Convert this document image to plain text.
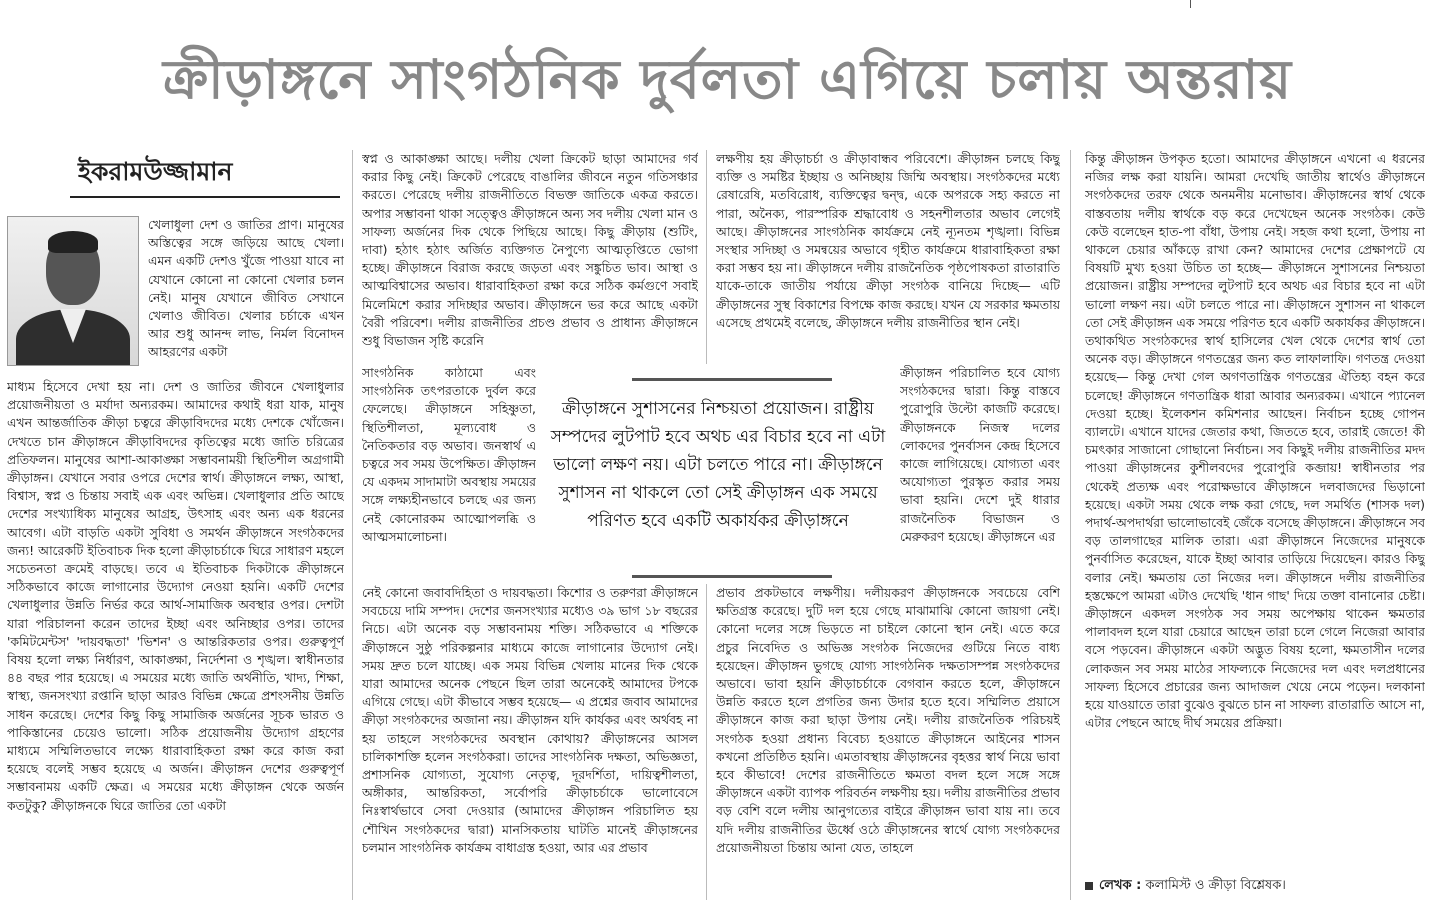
ক্রীড়াঙ্গনে সাংগঠনিক দুর্বলতা এগিয়ে চলায় অন্তরায়
ইকরামউজ্জামান

খেলাধুলা দেশ ও জাতির প্রাণ। মানুষের অস্তিত্বের সঙ্গে জড়িয়ে আছে খেলা। এমন একটি দেশও খুঁজে পাওয়া যাবে না যেখানে কোনো না কোনো খেলার চলন নেই। মানুষ যেখানে জীবিত সেখানে খেলাও জীবিত। খেলার চর্চাকে এখন আর শুধু আনন্দ লাভ, নির্মল বিনোদন আহরণের একটা

মাধ্যম হিসেবে দেখা হয় না। দেশ ও জাতির জীবনে খেলাধুলার প্রয়োজনীয়তা ও মর্যাদা অন্যরকম। আমাদের কথাই ধরা যাক, মানুষ এখন আন্তর্জাতিক ক্রীড়া চত্বরে ক্রীড়াবিদদের মধ্যে দেশকে খোঁজেন। দেখতে চান ক্রীড়াঙ্গনে ক্রীড়াবিদদের কৃতিত্বের মধ্যে জাতি চরিত্রের প্রতিফলন। মানুষের আশা-আকাঙ্ক্ষা সম্ভাবনাময়ী স্থিতিশীল অগ্রগামী ক্রীড়াঙ্গন। যেখানে সবার ওপরে দেশের স্বার্থ। ক্রীড়াঙ্গনে লক্ষ্য, আস্থা, বিশ্বাস, স্বপ্ন ও চিন্তায় সবাই এক এবং অভিন্ন। খেলাধুলার প্রতি আছে দেশের সংখ্যাধিক্য মানুষের আগ্রহ, উৎসাহ এবং অন্য এক ধরনের আবেগ। এটা বাড়তি একটা সুবিধা ও সমর্থন ক্রীড়াঙ্গনে সংগঠকদের জন্য! আরেকটি ইতিবাচক দিক হলো ক্রীড়াচর্চাকে ঘিরে সাধারণ মহলে সচেতনতা ক্রমেই বাড়ছে। তবে এ ইতিবাচক দিকটাকে ক্রীড়াঙ্গনে সঠিকভাবে কাজে লাগানোর উদ্যোগ নেওয়া হয়নি। একটি দেশের খেলাধুলার উন্নতি নির্ভর করে আর্থ-সামাজিক অবস্থার ওপর। দেশটা যারা পরিচালনা করেন তাদের ইচ্ছা এবং অনিচ্ছার ওপর। তাদের 'কমিটমেন্টস' 'দায়বদ্ধতা' 'ভিশন' ও আন্তরিকতার ওপর। গুরুত্বপূর্ণ বিষয় হলো লক্ষ্য নির্ধারণ, আকাঙ্ক্ষা, নির্দেশনা ও শৃঙ্খল। স্বাধীনতার ৪৪ বছর পার হয়েছে। এ সময়ের মধ্যে জাতি অর্থনীতি, খাদ্য, শিক্ষা, স্বাস্থ্য, জনসংখ্যা রপ্তানি ছাড়া আরও বিভিন্ন ক্ষেত্রে প্রশংসনীয় উন্নতি সাধন করেছে। দেশের কিছু কিছু সামাজিক অর্জনের সূচক ভারত ও পাকিস্তানের চেয়েও ভালো। সঠিক প্রয়োজনীয় উদ্যোগ গ্রহণের মাধ্যমে সম্মিলিতভাবে লক্ষ্যে ধারাবাহিকতা রক্ষা করে কাজ করা হয়েছে বলেই সম্ভব হয়েছে এ অর্জন। ক্রীড়াঙ্গন দেশের গুরুত্বপূর্ণ সম্ভাবনাময় একটি ক্ষেত্র। এ সময়ের মধ্যে ক্রীড়াঙ্গন থেকে অর্জন কতটুকু? ক্রীড়াঙ্গনকে ঘিরে জাতির তো একটা

স্বপ্ন ও আকাঙ্ক্ষা আছে। দলীয় খেলা ক্রিকেট ছাড়া আমাদের গর্ব করার কিছু নেই। ক্রিকেট পেরেছে বাঙালির জীবনে নতুন গতিসঞ্চার করতে। পেরেছে দলীয় রাজনীতিতে বিভক্ত জাতিকে একত্র করতে। অপার সম্ভাবনা থাকা সত্ত্বেও ক্রীড়াঙ্গনে অন্য সব দলীয় খেলা মান ও সাফল্য অর্জনের দিক থেকে পিছিয়ে আছে। কিছু ক্রীড়ায় (শুটিং, দাবা) হঠাৎ হঠাৎ অর্জিত ব্যক্তিগত নৈপুণ্যে আত্মতৃপ্তিতে ভোগা হচ্ছে। ক্রীড়াঙ্গনে বিরাজ করছে জড়তা এবং সঙ্কুচিত ভাব। আস্থা ও আত্মবিশ্বাসের অভাব। ধারাবাহিকতা রক্ষা করে সঠিক কর্মগুণে সবাই মিলেমিশে করার সদিচ্ছার অভাব। ক্রীড়াঙ্গনে ভর করে আছে একটা বৈরী পরিবেশ। দলীয় রাজনীতির প্রচণ্ড প্রভাব ও প্রাধান্য ক্রীড়াঙ্গনে শুধু বিভাজন সৃষ্টি করেনি

সাংগঠনিক কাঠামো এবং সাংগঠনিক তৎপরতাকে দুর্বল করে ফেলেছে। ক্রীড়াঙ্গনে সহিষ্ণুতা, স্থিতিশীলতা, মূল্যবোধ ও নৈতিকতার বড় অভাব। জনস্বার্থ এ চত্বরে সব সময় উপেক্ষিত। ক্রীড়াঙ্গন যে একদম সাদামাটা অবস্থায় সময়ের সঙ্গে লক্ষ্যহীনভাবে চলছে এর জন্য নেই কোনোরকম আত্মোপলব্ধি ও আত্মসমালোচনা।

নেই কোনো জবাবদিহিতা ও দায়বদ্ধতা। কিশোর ও তরুণরা ক্রীড়াঙ্গনে সবচেয়ে দামি সম্পদ। দেশের জনসংখ্যার মধ্যেও ৩৯ ভাগ ১৮ বছরের নিচে। এটা অনেক বড় সম্ভাবনাময় শক্তি। সঠিকভাবে এ শক্তিকে ক্রীড়াঙ্গনে সুষ্ঠু পরিকল্পনার মাধ্যমে কাজে লাগানোর উদ্যোগ নেই। সময় দ্রুত চলে যাচ্ছে। এক সময় বিভিন্ন খেলায় মানের দিক থেকে যারা আমাদের অনেক পেছনে ছিল তারা অনেকেই আমাদের টপকে এগিয়ে গেছে। এটা কীভাবে সম্ভব হয়েছে— এ প্রশ্নের জবাব আমাদের ক্রীড়া সংগঠকদের অজানা নয়। ক্রীড়াঙ্গন যদি কার্যকর এবং অর্থবহ না হয় তাহলে সংগঠকদের অবস্থান কোথায়? ক্রীড়াঙ্গনের আসল চালিকাশক্তি হলেন সংগঠকরা। তাদের সাংগঠনিক দক্ষতা, অভিজ্ঞতা, প্রশাসনিক যোগ্যতা, সুযোগ্য নেতৃত্ব, দূরদর্শিতা, দায়িত্বশীলতা, অঙ্গীকার, আন্তরিকতা, সর্বোপরি ক্রীড়াচর্চাকে ভালোবেসে নিঃস্বার্থভাবে সেবা দেওয়ার (আমাদের ক্রীড়াঙ্গন পরিচালিত হয় শৌখিন সংগঠকদের দ্বারা) মানসিকতায় ঘাটতি মানেই ক্রীড়াঙ্গনের চলমান সাংগঠনিক কার্যক্রম বাধাগ্রস্ত হওয়া, আর এর প্রভাব

লক্ষণীয় হয় ক্রীড়াচর্চা ও ক্রীড়াবান্ধব পরিবেশে। ক্রীড়াঙ্গন চলছে কিছু ব্যক্তি ও সমষ্টির ইচ্ছায় ও অনিচ্ছায় জিম্মি অবস্থায়। সংগঠকদের মধ্যে রেষারেষি, মতবিরোধ, ব্যক্তিত্বের দ্বন্দ্ব, একে অপরকে সহ্য করতে না পারা, অনৈক্য, পারস্পরিক শ্রদ্ধাবোধ ও সহনশীলতার অভাব লেগেই আছে। ক্রীড়াঙ্গনের সাংগঠনিক কার্যক্রমে নেই ন্যূনতম শৃঙ্খলা। বিভিন্ন সংস্থার সদিচ্ছা ও সমন্বয়ের অভাবে গৃহীত কার্যক্রমে ধারাবাহিকতা রক্ষা করা সম্ভব হয় না। ক্রীড়াঙ্গনে দলীয় রাজনৈতিক পৃষ্ঠপোষকতা রাতারাতি যাকে-তাকে জাতীয় পর্যায়ে ক্রীড়া সংগঠক বানিয়ে দিচ্ছে— এটি ক্রীড়াঙ্গনের সুস্থ বিকাশের বিপক্ষে কাজ করছে। যখন যে সরকার ক্ষমতায় এসেছে প্রথমেই বলেছে, ক্রীড়াঙ্গনে দলীয় রাজনীতির স্থান নেই।

ক্রীড়াঙ্গন পরিচালিত হবে যোগ্য সংগঠকদের দ্বারা। কিন্তু বাস্তবে পুরোপুরি উল্টো কাজটি করেছে। ক্রীড়াঙ্গনকে নিজস্ব দলের লোকদের পুনর্বাসন কেন্দ্র হিসেবে কাজে লাগিয়েছে। যোগ্যতা এবং অযোগ্যতা পুরস্কৃত করার সময় ভাবা হয়নি। দেশে দুই ধারার রাজনৈতিক বিভাজন ও মেরুকরণ হয়েছে। ক্রীড়াঙ্গনে এর

প্রভাব প্রকটভাবে লক্ষণীয়। দলীয়করণ ক্রীড়াঙ্গনকে সবচেয়ে বেশি ক্ষতিগ্রস্ত করেছে। দুটি দল হয়ে গেছে মাঝামাঝি কোনো জায়গা নেই। কোনো দলের সঙ্গে ভিড়তে না চাইলে কোনো স্থান নেই। এতে করে প্রচুর নিবেদিত ও অভিজ্ঞ সংগঠক নিজেদের গুটিয়ে নিতে বাধ্য হয়েছেন। ক্রীড়াঙ্গন ভুগছে যোগ্য সাংগঠনিক দক্ষতাসম্পন্ন সংগঠকদের অভাবে। ভাবা হয়নি ক্রীড়াচর্চাকে বেগবান করতে হলে, ক্রীড়াঙ্গনে উন্নতি করতে হলে প্রগতির জন্য উদার হতে হবে। সম্মিলিত প্রয়াসে ক্রীড়াঙ্গনে কাজ করা ছাড়া উপায় নেই। দলীয় রাজনৈতিক পরিচয়ই সংগঠক হওয়া প্রধান্য বিবেচ্য হওয়াতে ক্রীড়াঙ্গনে আইনের শাসন কখনো প্রতিষ্ঠিত হয়নি। এমতাবস্থায় ক্রীড়াঙ্গনের বৃহত্তর স্বার্থ নিয়ে ভাবা হবে কীভাবে! দেশের রাজনীতিতে ক্ষমতা বদল হলে সঙ্গে সঙ্গে ক্রীড়াঙ্গনে একটা ব্যাপক পরিবর্তন লক্ষণীয় হয়। দলীয় রাজনীতির প্রভাব বড় বেশি বলে দলীয় আনুগত্যের বাইরে ক্রীড়াঙ্গন ভাবা যায় না। তবে যদি দলীয় রাজনীতির ঊর্ধ্বে ওঠে ক্রীড়াঙ্গনের স্বার্থে যোগ্য সংগঠকদের প্রয়োজনীয়তা চিন্তায় আনা যেত, তাহলে

কিন্তু ক্রীড়াঙ্গন উপকৃত হতো। আমাদের ক্রীড়াঙ্গনে এখনো এ ধরনের নজির লক্ষ করা যায়নি। আমরা দেখেছি জাতীয় স্বার্থেও ক্রীড়াঙ্গনে সংগঠকদের তরফ থেকে অনমনীয় মনোভাব। ক্রীড়াঙ্গনের স্বার্থ থেকে বাস্তবতায় দলীয় স্বার্থকে বড় করে দেখেছেন অনেক সংগঠক। কেউ কেউ বলেছেন হাত-পা বাঁধা, উপায় নেই। সহজ কথা হলো, উপায় না থাকলে চেয়ার আঁকড়ে রাখা কেন? আমাদের দেশের প্রেক্ষাপটে যে বিষয়টি মুখ্য হওয়া উচিত তা হচ্ছে— ক্রীড়াঙ্গনে সুশাসনের নিশ্চয়তা প্রয়োজন। রাষ্ট্রীয় সম্পদের লুটপাট হবে অথচ এর বিচার হবে না এটা ভালো লক্ষণ নয়। এটা চলতে পারে না। ক্রীড়াঙ্গনে সুশাসন না থাকলে তো সেই ক্রীড়াঙ্গন এক সময়ে পরিণত হবে একটি অকার্যকর ক্রীড়াঙ্গনে। তথাকথিত সংগঠকদের স্বার্থ হাসিলের খেল থেকে দেশের স্বার্থ তো অনেক বড়। ক্রীড়াঙ্গনে গণতন্ত্রের জন্য কত লাফালাফি। গণতন্ত্র দেওয়া হয়েছে— কিন্তু দেখা গেল অগণতান্ত্রিক গণতন্ত্রের ঐতিহ্য বহন করে চলেছে! ক্রীড়াঙ্গনে গণতান্ত্রিক ধারা আবার অন্যরকম। এখানে প্যানেল দেওয়া হচ্ছে। ইলেকশন কমিশনার আছেন। নির্বাচন হচ্ছে গোপন ব্যালটে। এখানে যাদের জেতার কথা, জিততে হবে, তারাই জেতে! কী চমৎকার সাজানো গোছানো নির্বাচন। সব কিছুই দলীয় রাজনীতির মদদ পাওয়া ক্রীড়াঙ্গনের কুশীলবদের পুরোপুরি কব্জায়! স্বাধীনতার পর থেকেই প্রত্যক্ষ এবং পরোক্ষভাবে ক্রীড়াঙ্গনে দলবাজদের ভিড়ানো হয়েছে। একটা সময় থেকে লক্ষ করা গেছে, দল সমর্থিত (শাসক দল) পদার্থ-অপদার্থরা ভালোভাবেই জেঁকে বসেছে ক্রীড়াঙ্গনে। ক্রীড়াঙ্গনে সব বড় তালগাছের মালিক তারা। এরা ক্রীড়াঙ্গনে নিজেদের মানুষকে পুনর্বাসিত করেছেন, যাকে ইচ্ছা আবার তাড়িয়ে দিয়েছেন। কারও কিছু বলার নেই। ক্ষমতায় তো নিজের দল। ক্রীড়াঙ্গনে দলীয় রাজনীতির হস্তক্ষেপে আমরা এটাও দেখেছি 'ধান গাছ' দিয়ে তক্তা বানানোর চেষ্টা। ক্রীড়াঙ্গনে একদল সংগঠক সব সময় অপেক্ষায় থাকেন ক্ষমতার পালাবদল হলে যারা চেয়ারে আছেন তারা চলে গেলে নিজেরা আবার বসে পড়বেন। ক্রীড়াঙ্গনে একটা অদ্ভুত বিষয় হলো, ক্ষমতাসীন দলের লোকজন সব সময় মাঠের সাফল্যকে নিজেদের দল এবং দলপ্রধানের সাফল্য হিসেবে প্রচারের জন্য আদাজল খেয়ে নেমে পড়েন। দলকানা হয়ে যাওয়াতে তারা বুঝেও বুঝতে চান না সাফল্য রাতারাতি আসে না, এটার পেছনে আছে দীর্ঘ সময়ের প্রক্রিয়া।

ক্রীড়াঙ্গনে সুশাসনের নিশ্চয়তা প্রয়োজন। রাষ্ট্রীয় সম্পদের লুটপাট হবে অথচ এর বিচার হবে না এটা ভালো লক্ষণ নয়। এটা চলতে পারে না। ক্রীড়াঙ্গনে সুশাসন না থাকলে তো সেই ক্রীড়াঙ্গন এক সময়ে পরিণত হবে একটি অকার্যকর ক্রীড়াঙ্গনে
লেখক : কলামিস্ট ও ক্রীড়া বিশ্লেষক।
